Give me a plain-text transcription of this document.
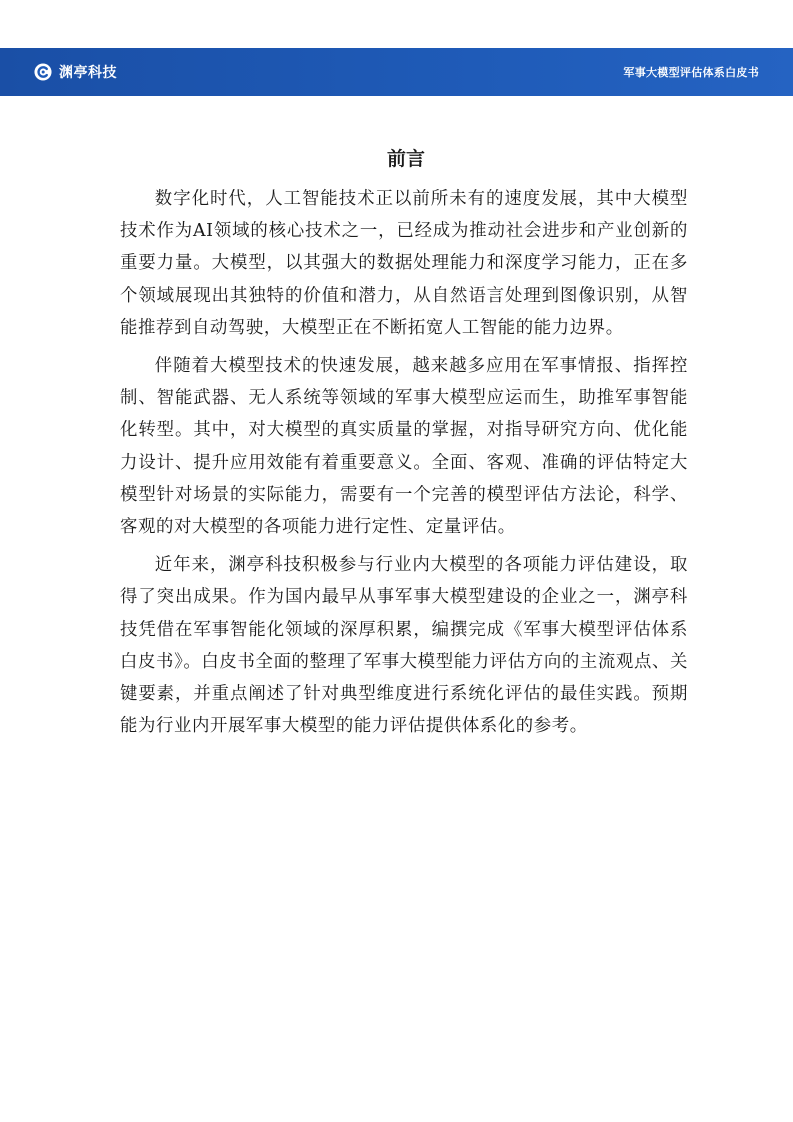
渊亭科技	军事大模型评估体系白皮书
前言

数字化时代，人工智能技术正以前所未有的速度发展，其中大模型技术作为AI领域的核心技术之一，已经成为推动社会进步和产业创新的重要力量。大模型，以其强大的数据处理能力和深度学习能力，正在多个领域展现出其独特的价值和潜力，从自然语言处理到图像识别，从智能推荐到自动驾驶，大模型正在不断拓宽人工智能的能力边界。

伴随着大模型技术的快速发展，越来越多应用在军事情报、指挥控制、智能武器、无人系统等领域的军事大模型应运而生，助推军事智能化转型。其中，对大模型的真实质量的掌握，对指导研究方向、优化能力设计、提升应用效能有着重要意义。全面、客观、准确的评估特定大模型针对场景的实际能力，需要有一个完善的模型评估方法论，科学、客观的对大模型的各项能力进行定性、定量评估。

近年来，渊亭科技积极参与行业内大模型的各项能力评估建设，取得了突出成果。作为国内最早从事军事大模型建设的企业之一，渊亭科技凭借在军事智能化领域的深厚积累，编撰完成《军事大模型评估体系白皮书》。白皮书全面的整理了军事大模型能力评估方向的主流观点、关键要素，并重点阐述了针对典型维度进行系统化评估的最佳实践。预期能为行业内开展军事大模型的能力评估提供体系化的参考。
